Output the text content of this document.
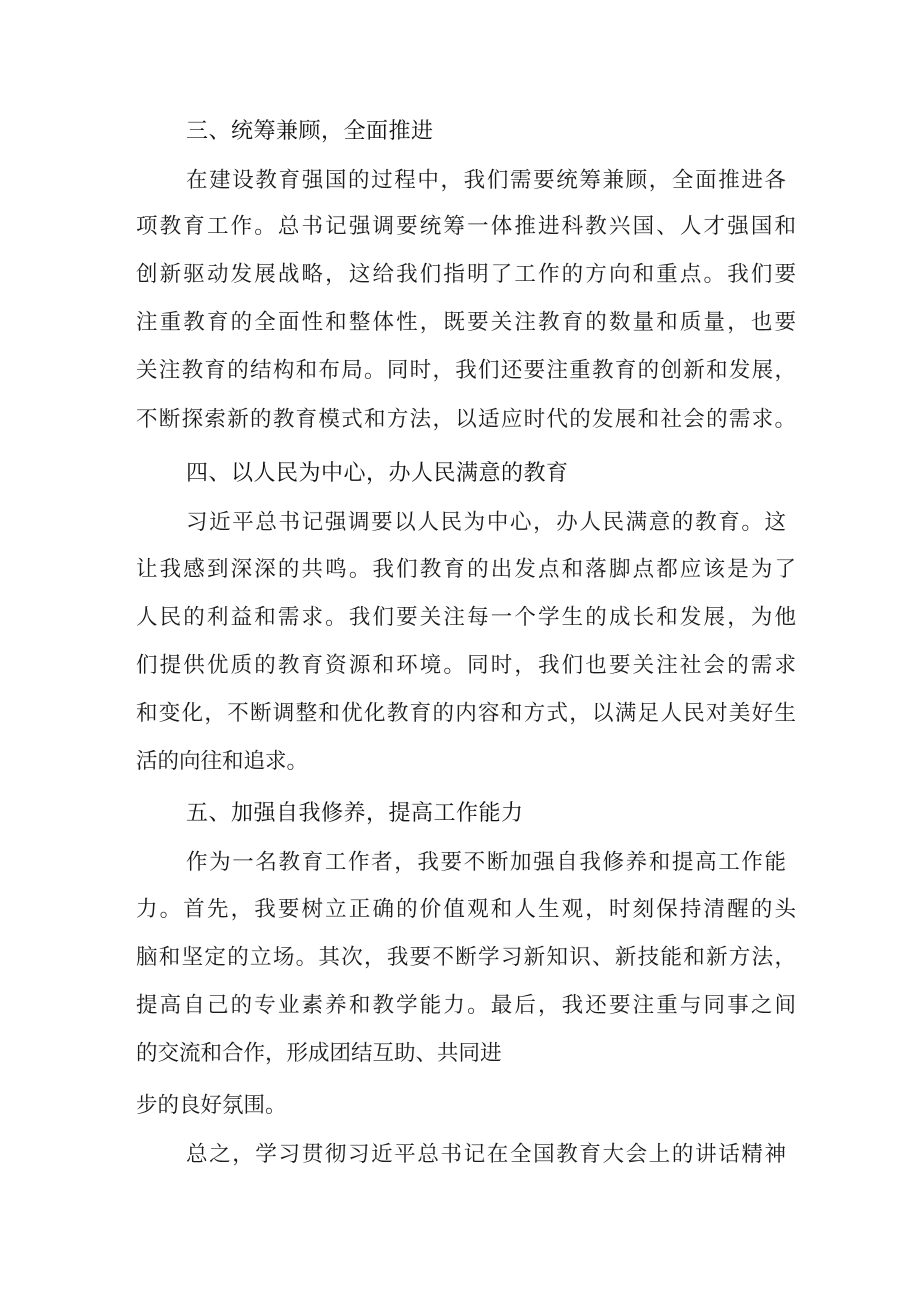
三、统筹兼顾，全面推进
在建设教育强国的过程中，我们需要统筹兼顾，全面推进各
项教育工作。总书记强调要统筹一体推进科教兴国、人才强国和
创新驱动发展战略，这给我们指明了工作的方向和重点。我们要
注重教育的全面性和整体性，既要关注教育的数量和质量，也要
关注教育的结构和布局。同时，我们还要注重教育的创新和发展，
不断探索新的教育模式和方法，以适应时代的发展和社会的需求。
四、以人民为中心，办人民满意的教育
习近平总书记强调要以人民为中心，办人民满意的教育。这
让我感到深深的共鸣。我们教育的出发点和落脚点都应该是为了
人民的利益和需求。我们要关注每一个学生的成长和发展，为他
们提供优质的教育资源和环境。同时，我们也要关注社会的需求
和变化，不断调整和优化教育的内容和方式，以满足人民对美好生
活的向往和追求。
五、加强自我修养，提高工作能力
作为一名教育工作者，我要不断加强自我修养和提高工作能
力。首先，我要树立正确的价值观和人生观，时刻保持清醒的头
脑和坚定的立场。其次，我要不断学习新知识、新技能和新方法，
提高自己的专业素养和教学能力。最后，我还要注重与同事之间
的交流和合作，形成团结互助、共同进
步的良好氛围。
总之，学习贯彻习近平总书记在全国教育大会上的讲话精神
